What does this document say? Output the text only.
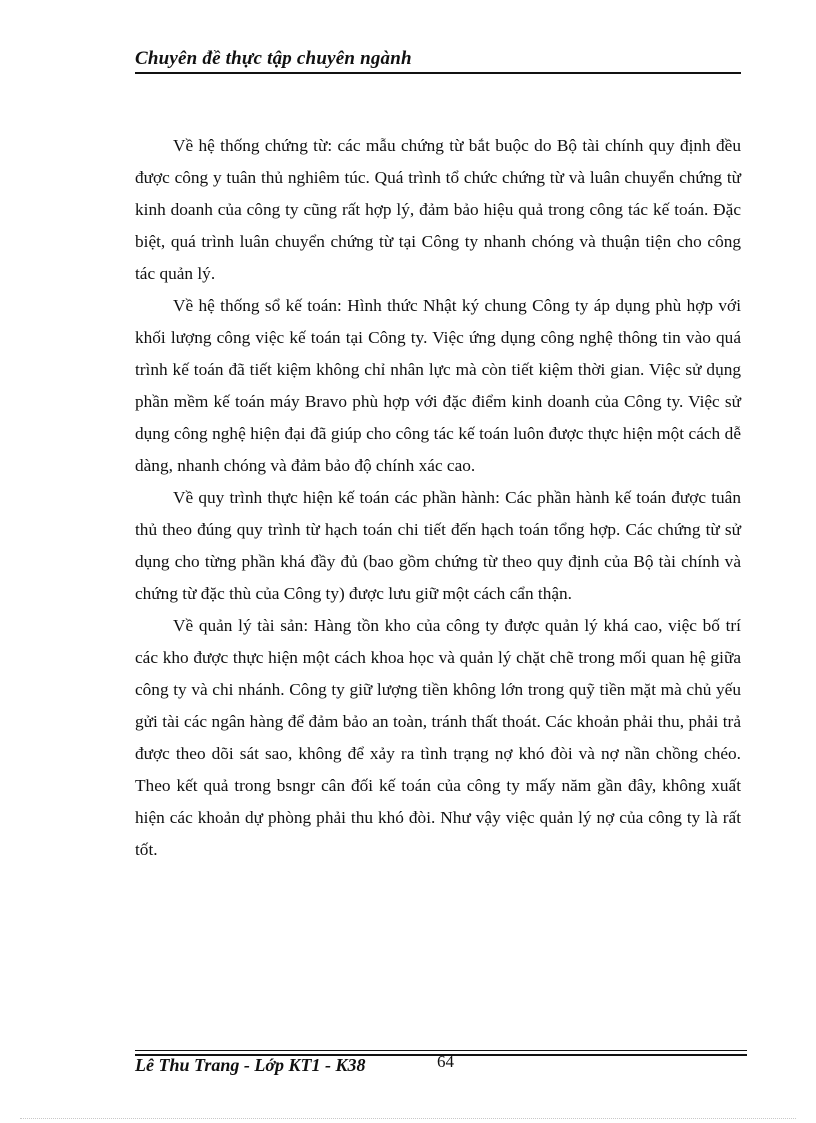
Chuyên đề thực tập chuyên ngành

Về hệ thống chứng từ: các mẫu chứng từ bắt buộc do Bộ tài chính quy định đều được công y tuân thủ nghiêm túc. Quá trình tổ chức chứng từ và luân chuyển chứng từ kinh doanh của công ty cũng rất hợp lý, đảm bảo hiệu quả trong công tác kế toán. Đặc biệt, quá trình luân chuyển chứng từ tại Công ty nhanh chóng và thuận tiện cho công tác quản lý.

Về hệ thống sổ kế toán: Hình thức Nhật ký chung Công ty áp dụng phù hợp với khối lượng công việc kế toán tại Công ty. Việc ứng dụng công nghệ thông tin vào quá trình kế toán đã tiết kiệm không chỉ nhân lực mà còn tiết kiệm thời gian. Việc sử dụng phần mềm kế toán máy Bravo phù hợp với đặc điểm kinh doanh của Công ty. Việc sử dụng công nghệ hiện đại đã giúp cho công tác kế toán luôn được thực hiện một cách dễ dàng, nhanh chóng và đảm bảo độ chính xác cao.

Về quy trình thực hiện kế toán các phần hành: Các phần hành kế toán được tuân thủ theo đúng quy trình từ hạch toán chi tiết đến hạch toán tổng hợp. Các chứng từ sử dụng cho từng phần khá đầy đủ (bao gồm chứng từ theo quy định của Bộ tài chính và chứng từ đặc thù của Công ty) được lưu giữ một cách cẩn thận.

Về quản lý tài sản: Hàng tồn kho của công ty được quản lý khá cao, việc bố trí các kho được thực hiện một cách khoa học và quản lý chặt chẽ trong mối quan hệ giữa công ty và chi nhánh. Công ty giữ lượng tiền không lớn trong quỹ tiền mặt mà chủ yếu gửi tài các ngân hàng để đảm bảo an toàn, tránh thất thoát. Các khoản phải thu, phải trả được theo dõi sát sao, không để xảy ra tình trạng nợ khó đòi và nợ nần chồng chéo. Theo kết quả trong bsngr cân đối kế toán của công ty mấy năm gần đây, không xuất hiện các khoản dự phòng phải thu khó đòi. Như vậy việc quản lý nợ của công ty là rất tốt.

Lê Thu Trang - Lớp KT1 - K38	64
